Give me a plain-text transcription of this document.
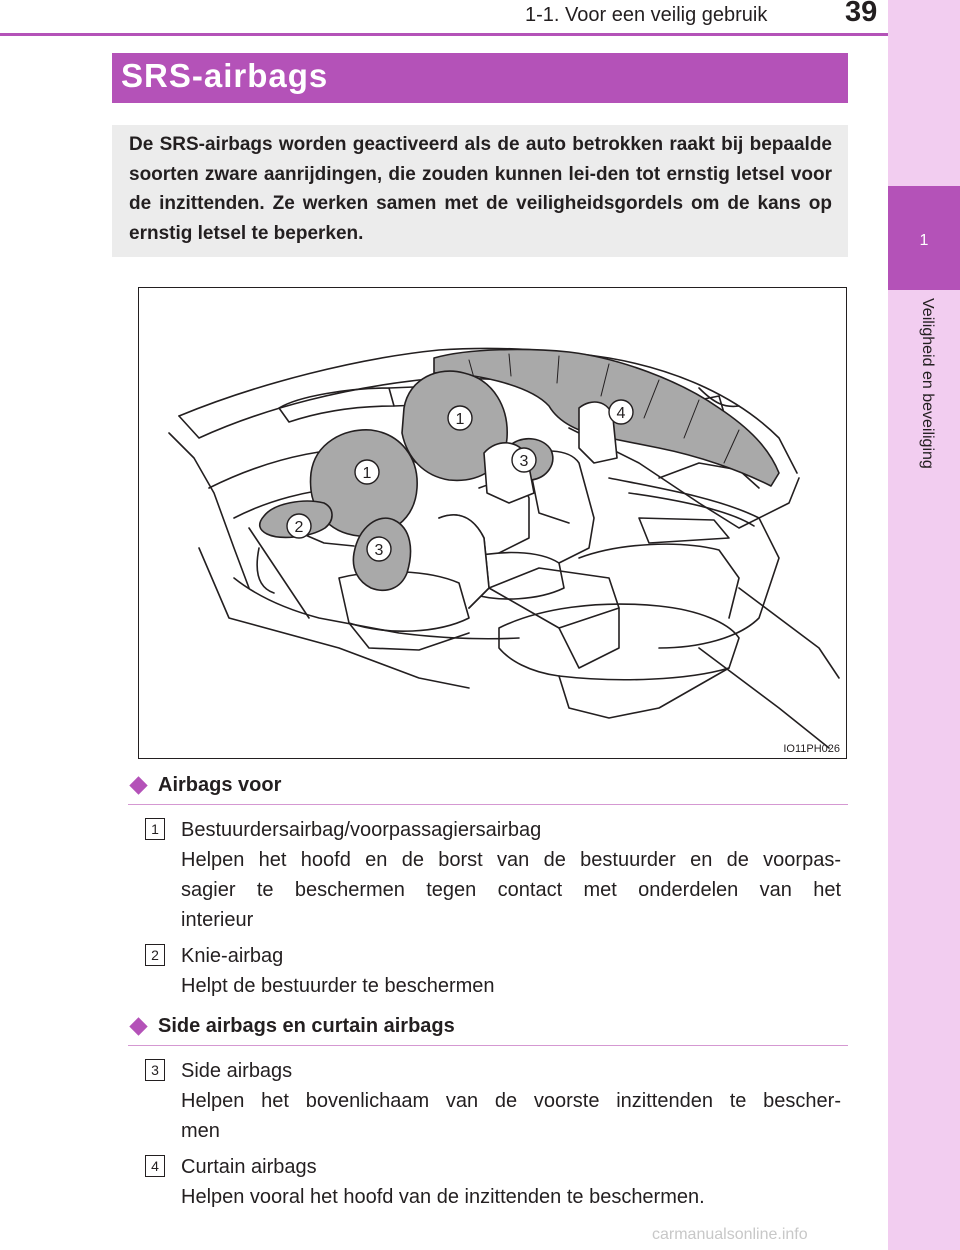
1-1. Voor een veilig gebruik	39
1
Veiligheid en beveiliging
SRS-airbags

De SRS-airbags worden geactiveerd als de auto betrokken raakt bij bepaalde soorten zware aanrijdingen, die zouden kunnen lei-den tot ernstig letsel voor de inzittenden. Ze werken samen met de veiligheidsgordels om de kans op ernstig letsel te beperken.

1
1
2
3
3
4
IO11PH026
Airbags voor
1	Bestuurdersairbag/voorpassagiersairbag
Helpen het hoofd en de borst van de bestuurder en de voorpas-
sagier te beschermen tegen contact met onderdelen van het
interieur
2	Knie-airbag
Helpt de bestuurder te beschermen
Side airbags en curtain airbags
3	Side airbags
Helpen het bovenlichaam van de voorste inzittenden te bescher-
men
4	Curtain airbags
Helpen vooral het hoofd van de inzittenden te beschermen.
carmanualsonline.info
